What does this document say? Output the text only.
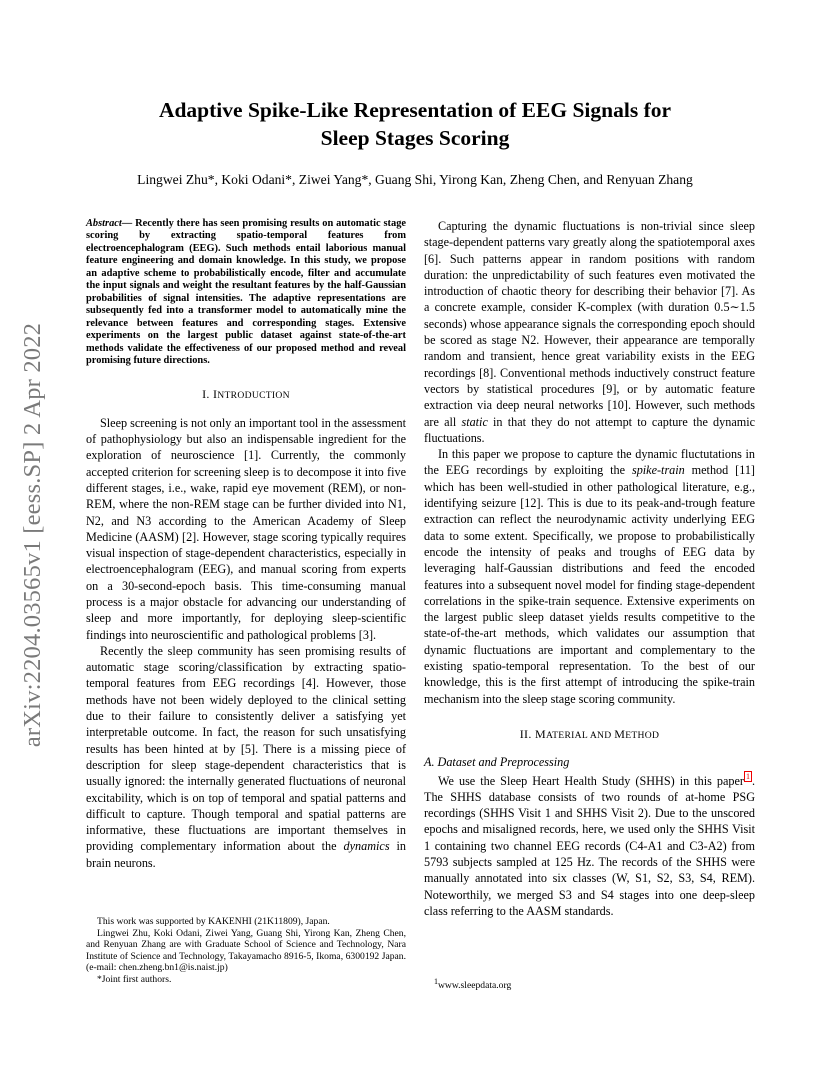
arXiv:2204.03565v1 [eess.SP] 2 Apr 2022
Adaptive Spike-Like Representation of EEG Signals for
Sleep Stages Scoring
Lingwei Zhu*, Koki Odani*, Ziwei Yang*, Guang Shi, Yirong Kan, Zheng Chen, and Renyuan Zhang
Abstract— Recently there has seen promising results on automatic stage scoring by extracting spatio-temporal features from electroencephalogram (EEG). Such methods entail laborious manual feature engineering and domain knowledge. In this study, we propose an adaptive scheme to probabilistically encode, filter and accumulate the input signals and weight the resultant features by the half-Gaussian probabilities of signal intensities. The adaptive representations are subsequently fed into a transformer model to automatically mine the relevance between features and corresponding stages. Extensive experiments on the largest public dataset against state-of-the-art methods validate the effectiveness of our proposed method and reveal promising future directions.
I. INTRODUCTION

Sleep screening is not only an important tool in the assessment of pathophysiology but also an indispensable ingredient for the exploration of neuroscience [1]. Currently, the commonly accepted criterion for screening sleep is to decompose it into five different stages, i.e., wake, rapid eye movement (REM), or non-REM, where the non-REM stage can be further divided into N1, N2, and N3 according to the American Academy of Sleep Medicine (AASM) [2]. However, stage scoring typically requires visual inspection of stage-dependent characteristics, especially in electroencephalogram (EEG), and manual scoring from experts on a 30-second-epoch basis. This time-consuming manual process is a major obstacle for advancing our understanding of sleep and more importantly, for deploying sleep-scientific findings into neuroscientific and pathological problems [3].

Recently the sleep community has seen promising results of automatic stage scoring/classification by extracting spatio-temporal features from EEG recordings [4]. However, those methods have not been widely deployed to the clinical setting due to their failure to consistently deliver a satisfying yet interpretable outcome. In fact, the reason for such unsatisfying results has been hinted at by [5]. There is a missing piece of description for sleep stage-dependent characteristics that is usually ignored: the internally generated fluctuations of neuronal excitability, which is on top of temporal and spatial patterns and difficult to capture. Though temporal and spatial patterns are informative, these fluctuations are important themselves in providing complementary information about the dynamics in brain neurons.

This work was supported by KAKENHI (21K11809), Japan.

Lingwei Zhu, Koki Odani, Ziwei Yang, Guang Shi, Yirong Kan, Zheng Chen, and Renyuan Zhang are with Graduate School of Science and Technology, Nara Institute of Science and Technology, Takayamacho 8916-5, Ikoma, 6300192 Japan. (e-mail: chen.zheng.bn1@is.naist.jp)

*Joint first authors.

Capturing the dynamic fluctuations is non-trivial since sleep stage-dependent patterns vary greatly along the spatiotemporal axes [6]. Such patterns appear in random positions with random duration: the unpredictability of such features even motivated the introduction of chaotic theory for describing their behavior [7]. As a concrete example, consider K-complex (with duration 0.5∼1.5 seconds) whose appearance signals the corresponding epoch should be scored as stage N2. However, their appearance are temporally random and transient, hence great variability exists in the EEG recordings [8]. Conventional methods inductively construct feature vectors by statistical procedures [9], or by automatic feature extraction via deep neural networks [10]. However, such methods are all static in that they do not attempt to capture the dynamic fluctuations.

In this paper we propose to capture the dynamic fluctutations in the EEG recordings by exploiting the spike-train method [11] which has been well-studied in other pathological literature, e.g., identifying seizure [12]. This is due to its peak-and-trough feature extraction can reflect the neurodynamic activity underlying EEG data to some extent. Specifically, we propose to probabilistically encode the intensity of peaks and troughs of EEG data by leveraging half-Gaussian distributions and feed the encoded features into a subsequent novel model for finding stage-dependent correlations in the spike-train sequence. Extensive experiments on the largest public sleep dataset yields results competitive to the state-of-the-art methods, which validates our assumption that dynamic fluctuations are important and complementary to the existing spatio-temporal representation. To the best of our knowledge, this is the first attempt of introducing the spike-train mechanism into the sleep stage scoring community.

II. MATERIAL AND METHOD
A. Dataset and Preprocessing

We use the Sleep Heart Health Study (SHHS) in this paper $^1$ . The SHHS database consists of two rounds of at-home PSG recordings (SHHS Visit 1 and SHHS Visit 2). Due to the unscored epochs and misaligned records, here, we used only the SHHS Visit 1 containing two channel EEG records (C4-A1 and C3-A2) from 5793 subjects sampled at 125 Hz. The records of the SHHS were manually annotated into six classes (W, S1, S2, S3, S4, REM). Noteworthily, we merged S3 and S4 stages into one deep-sleep class referring to the AASM standards.

$^1$www.sleepdata.org
